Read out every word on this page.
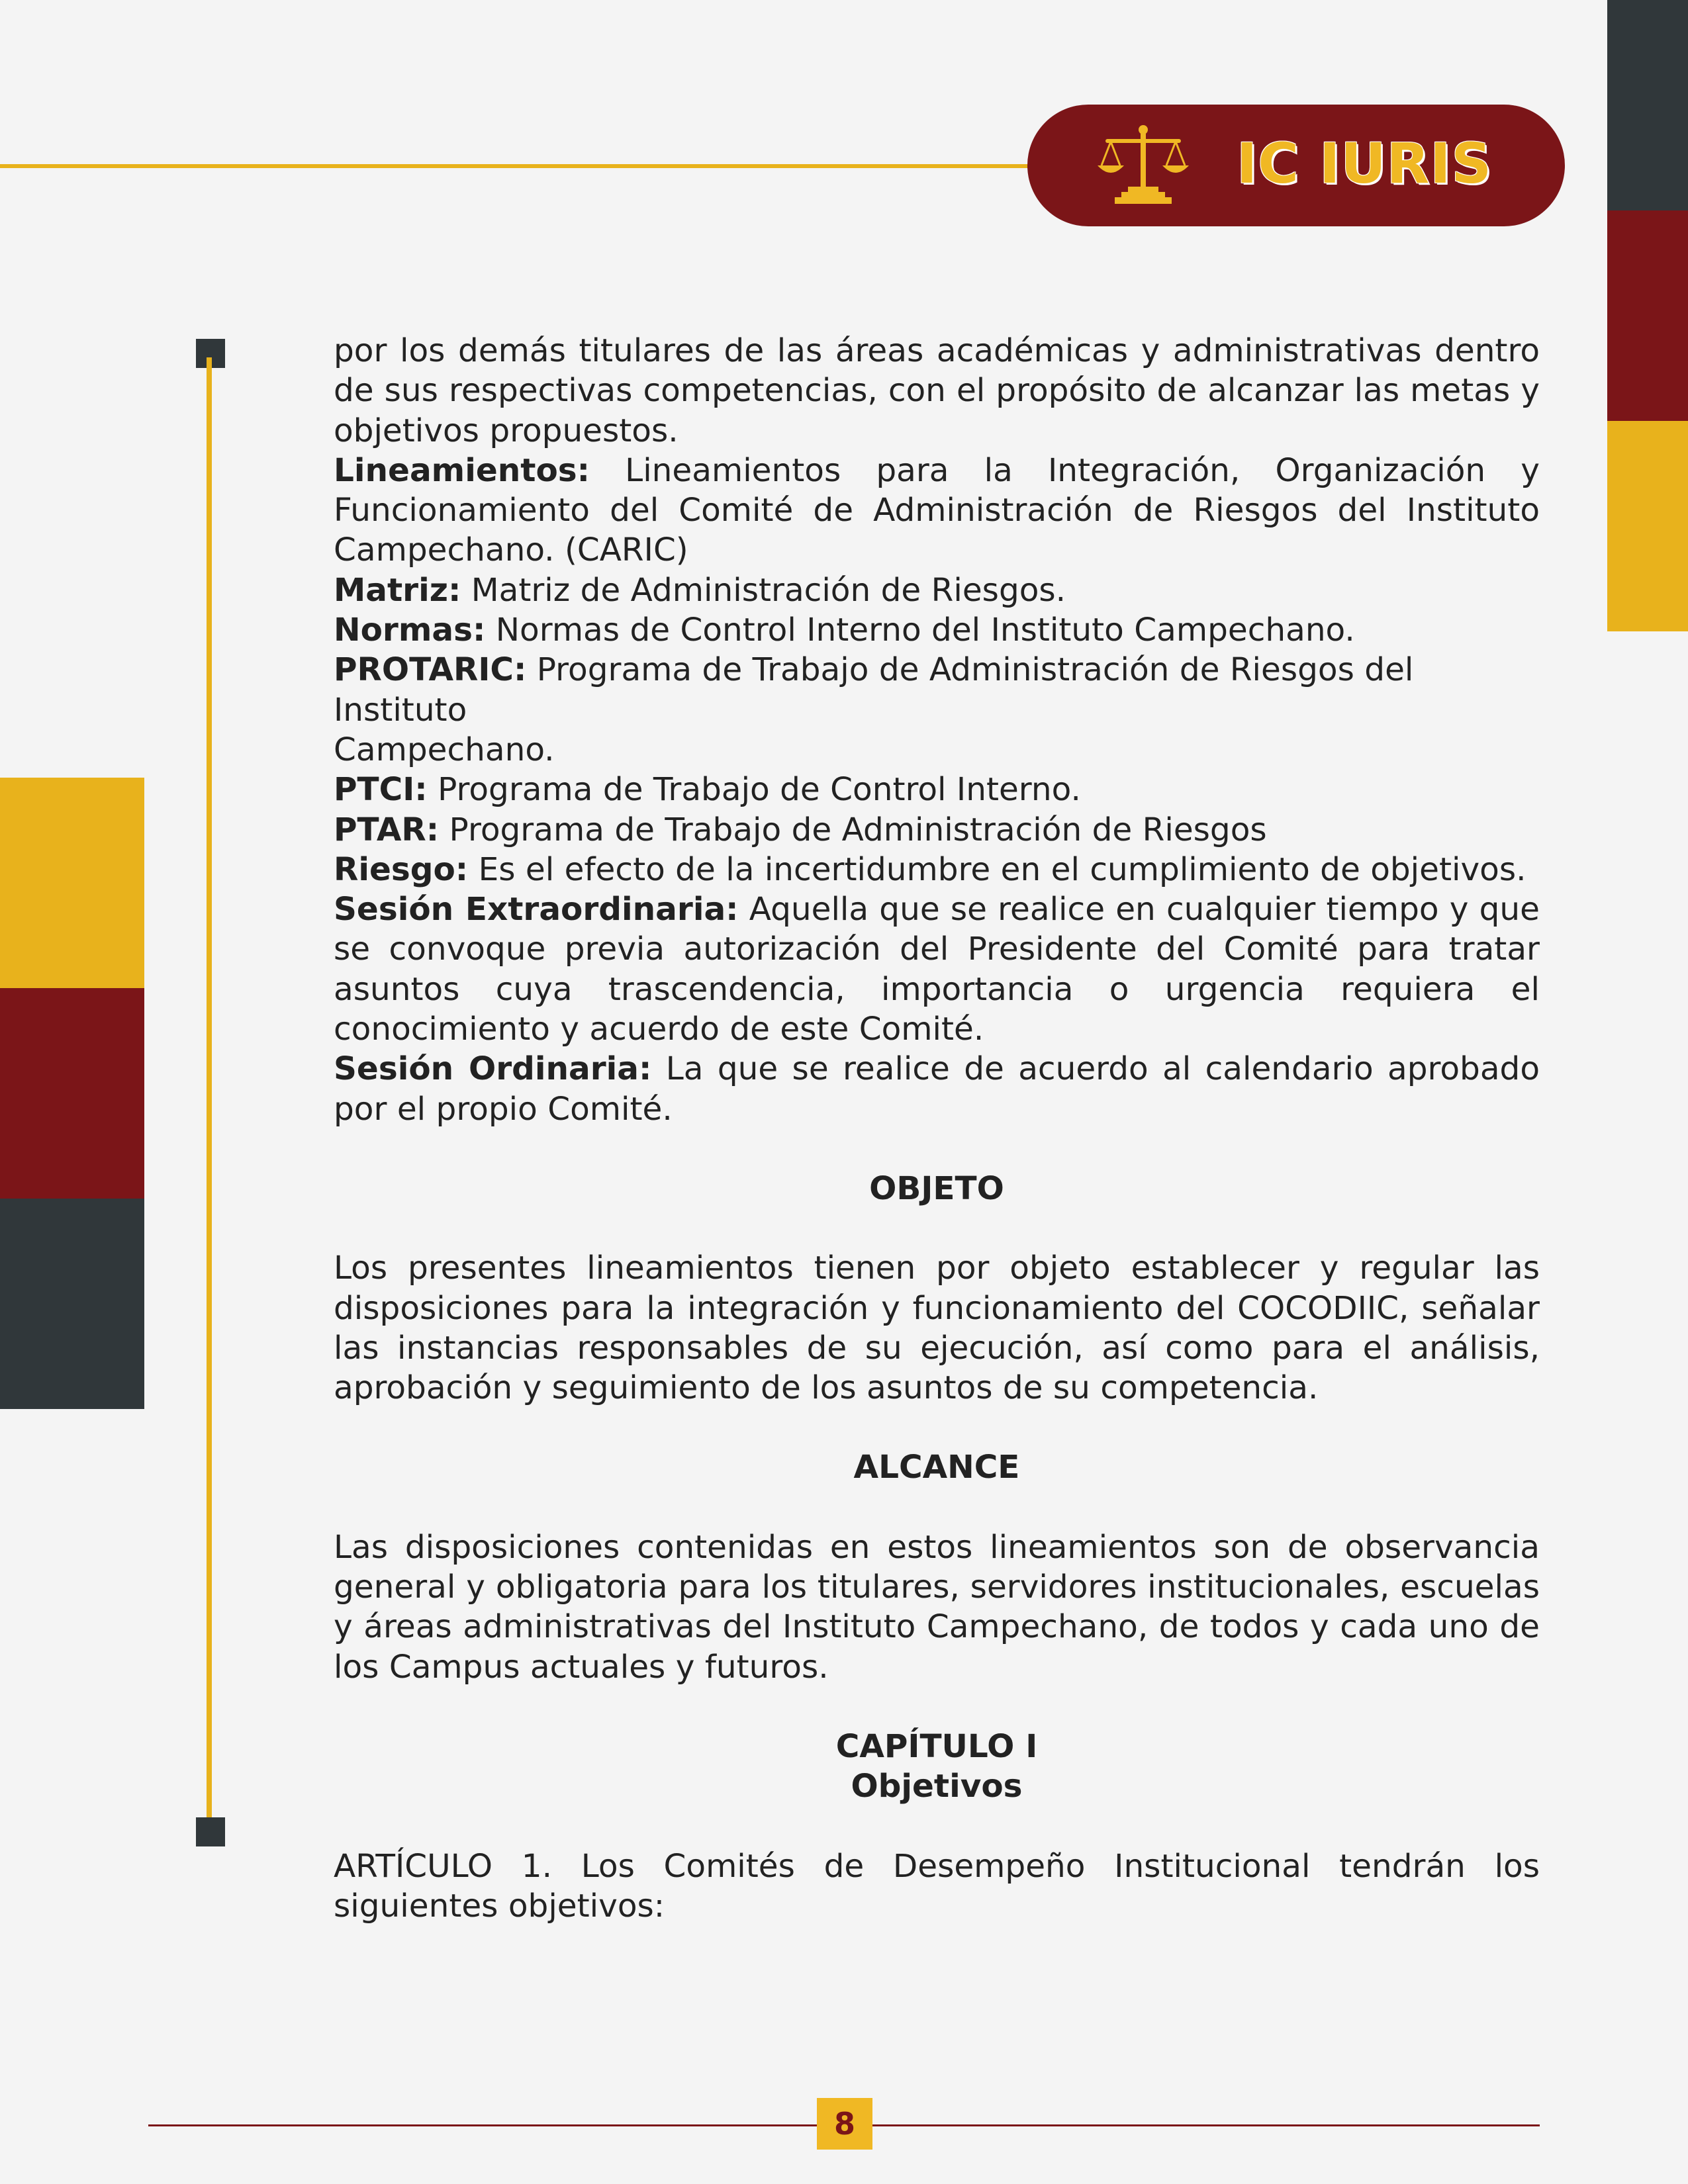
IC IURIS

por los demás titulares de las áreas académicas y administrativas dentro de sus respectivas competencias, con el propósito de alcanzar las metas y objetivos propuestos.

Lineamientos: Lineamientos para la Integración, Organización y Funcionamiento del Comité de Administración de Riesgos del Instituto Campechano. (CARIC)

Matriz: Matriz de Administración de Riesgos.

Normas: Normas de Control Interno del Instituto Campechano.

PROTARIC: Programa de Trabajo de Administración de Riesgos del Instituto

Campechano.

PTCI: Programa de Trabajo de Control Interno.

PTAR: Programa de Trabajo de Administración de Riesgos

Riesgo: Es el efecto de la incertidumbre en el cumplimiento de objetivos.

Sesión Extraordinaria: Aquella que se realice en cualquier tiempo y que se convoque previa autorización del Presidente del Comité para tratar asuntos cuya trascendencia, importancia o urgencia requiera el conocimiento y acuerdo de este Comité.

Sesión Ordinaria: La que se realice de acuerdo al calendario aprobado por el propio Comité.

OBJETO

Los presentes lineamientos tienen por objeto establecer y regular las disposiciones para la integración y funcionamiento del COCODIIC, señalar las instancias responsables de su ejecución, así como para el análisis, aprobación y seguimiento de los asuntos de su competencia.

ALCANCE

Las disposiciones contenidas en estos lineamientos son de observancia general y obligatoria para los titulares, servidores institucionales, escuelas y áreas administrativas del Instituto Campechano, de todos y cada uno de los Campus actuales y futuros.

CAPÍTULO I

Objetivos

ARTÍCULO 1. Los Comités de Desempeño Institucional tendrán los siguientes objetivos:

8
